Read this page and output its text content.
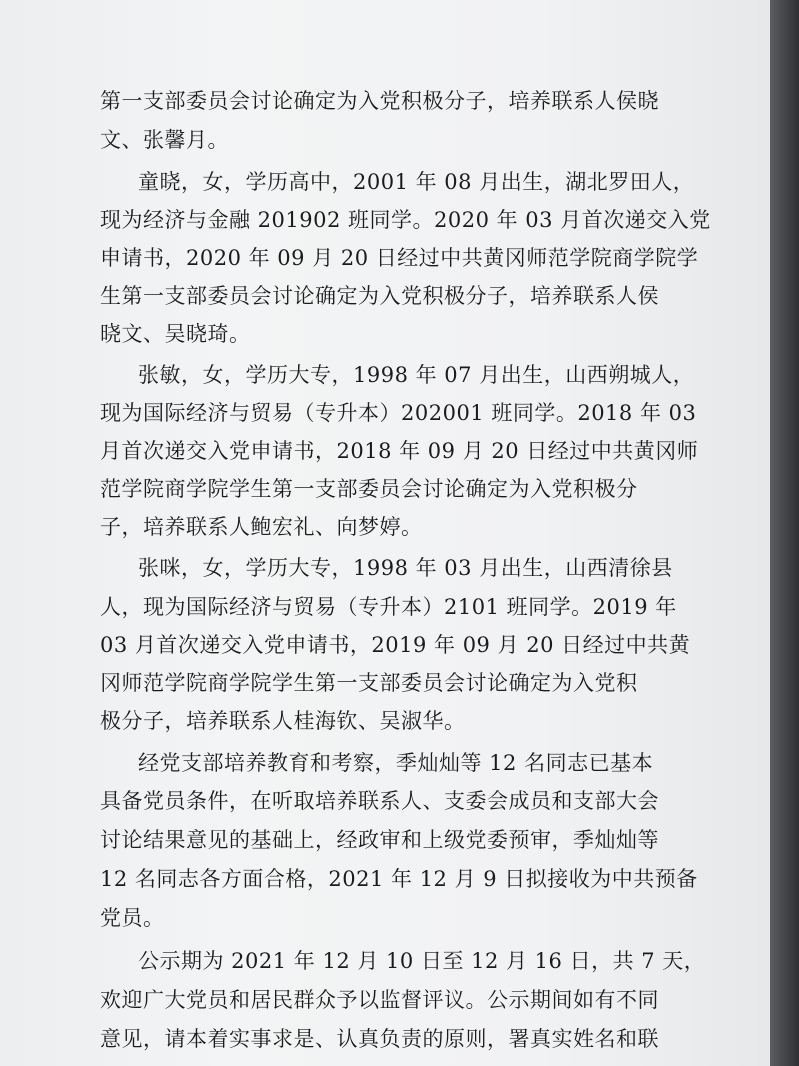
第一支部委员会讨论确定为入党积极分子，培养联系人侯晓
文、张馨月。
童晓，女，学历高中，2001 年 08 月出生，湖北罗田人，
现为经济与金融 201902 班同学。2020 年 03 月首次递交入党
申请书，2020 年 09 月 20 日经过中共黄冈师范学院商学院学
生第一支部委员会讨论确定为入党积极分子，培养联系人侯
晓文、吴晓琦。
张敏，女，学历大专，1998 年 07 月出生，山西朔城人，
现为国际经济与贸易（专升本）202001 班同学。2018 年 03
月首次递交入党申请书，2018 年 09 月 20 日经过中共黄冈师
范学院商学院学生第一支部委员会讨论确定为入党积极分
子，培养联系人鲍宏礼、向梦婷。
张咪，女，学历大专，1998 年 03 月出生，山西清徐县
人，现为国际经济与贸易（专升本）2101 班同学。2019 年
03 月首次递交入党申请书，2019 年 09 月 20 日经过中共黄
冈师范学院商学院学生第一支部委员会讨论确定为入党积
极分子，培养联系人桂海钦、吴淑华。
经党支部培养教育和考察，季灿灿等 12 名同志已基本
具备党员条件，在听取培养联系人、支委会成员和支部大会
讨论结果意见的基础上，经政审和上级党委预审，季灿灿等
12 名同志各方面合格，2021 年 12 月 9 日拟接收为中共预备
党员。
公示期为 2021 年 12 月 10 日至 12 月 16 日，共 7 天，
欢迎广大党员和居民群众予以监督评议。公示期间如有不同
意见，请本着实事求是、认真负责的原则，署真实姓名和联
